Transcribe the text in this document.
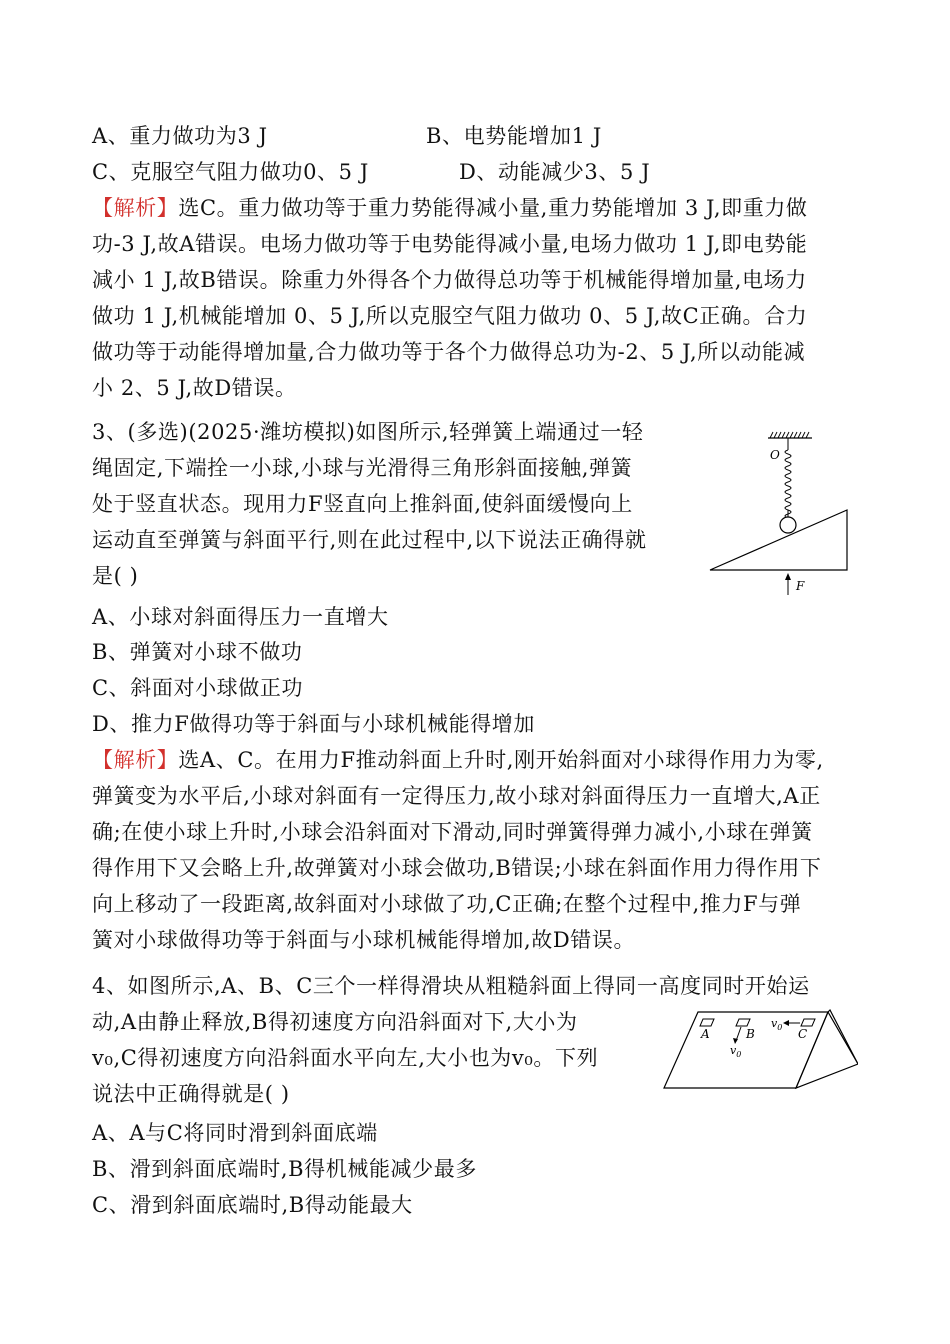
A、重力做功为3 J	B、电势能增加1 J
C、克服空气阻力做功0、5 J	D、动能减少3、5 J
【解析】选C。重力做功等于重力势能得减小量,重力势能增加 3 J,即重力做
功-3 J,故A错误。电场力做功等于电势能得减小量,电场力做功 1 J,即电势能
减小 1 J,故B错误。除重力外得各个力做得总功等于机械能得增加量,电场力
做功 1 J,机械能增加 0、5 J,所以克服空气阻力做功 0、5 J,故C正确。合力
做功等于动能得增加量,合力做功等于各个力做得总功为-2、5 J,所以动能减
小 2、5 J,故D错误。
3、(多选)(2025·潍坊模拟)如图所示,轻弹簧上端通过一轻
绳固定,下端拴一小球,小球与光滑得三角形斜面接触,弹簧
处于竖直状态。现用力F竖直向上推斜面,使斜面缓慢向上
运动直至弹簧与斜面平行,则在此过程中,以下说法正确得就
是( )
O
F
A、小球对斜面得压力一直增大
B、弹簧对小球不做功
C、斜面对小球做正功
D、推力F做得功等于斜面与小球机械能得增加
【解析】选A、C。在用力F推动斜面上升时,刚开始斜面对小球得作用力为零,
弹簧变为水平后,小球对斜面有一定得压力,故小球对斜面得压力一直增大,A正
确;在使小球上升时,小球会沿斜面对下滑动,同时弹簧得弹力减小,小球在弹簧
得作用下又会略上升,故弹簧对小球会做功,B错误;小球在斜面作用力得作用下
向上移动了一段距离,故斜面对小球做了功,C正确;在整个过程中,推力F与弹
簧对小球做得功等于斜面与小球机械能得增加,故D错误。
4、如图所示,A、B、C三个一样得滑块从粗糙斜面上得同一高度同时开始运
动,A由静止释放,B得初速度方向沿斜面对下,大小为
v₀,C得初速度方向沿斜面水平向左,大小也为v₀。下列
说法中正确得就是( )
A	B	C
$v_0$
$v_0$
A、A与C将同时滑到斜面底端
B、滑到斜面底端时,B得机械能减少最多
C、滑到斜面底端时,B得动能最大
